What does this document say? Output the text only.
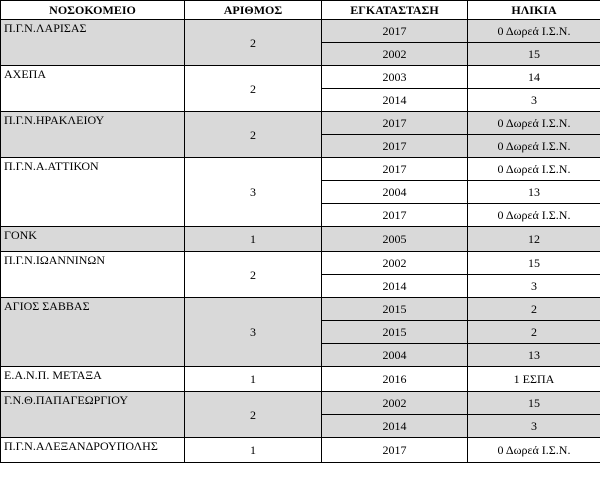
ΝΟΣΟΚΟΜΕΙΟ	ΑΡΙΘΜΟΣ	ΕΓΚΑΤΑΣΤΑΣΗ	ΗΛΙΚΙΑ
Π.Γ.Ν.ΛΑΡΙΣΑΣ	2	2017	0 Δωρεά Ι.Σ.Ν.
		2002	15
ΑΧΕΠΑ	2	2003	14
		2014	3
Π.Γ.Ν.ΗΡΑΚΛΕΙΟΥ	2	2017	0 Δωρεά Ι.Σ.Ν.
		2017	0 Δωρεά Ι.Σ.Ν.
Π.Γ.Ν.Α.ΑΤΤΙΚΟΝ	3	2017	0 Δωρεά Ι.Σ.Ν.
		2004	13
		2017	0 Δωρεά Ι.Σ.Ν.
ΓΟΝΚ	1	2005	12
Π.Γ.Ν.ΙΩΑΝΝΙΝΩΝ	2	2002	15
		2014	3
ΑΓΙΟΣ ΣΑΒΒΑΣ	3	2015	2
		2015	2
		2004	13
Ε.Α.Ν.Π. ΜΕΤΑΞΑ	1	2016	1 ΕΣΠΑ
Γ.Ν.Θ.ΠΑΠΑΓΕΩΡΓΙΟΥ	2	2002	15
		2014	3
Π.Γ.Ν.ΑΛΕΞΑΝΔΡΟΥΠΟΛΗΣ	1	2017	0 Δωρεά Ι.Σ.Ν.
